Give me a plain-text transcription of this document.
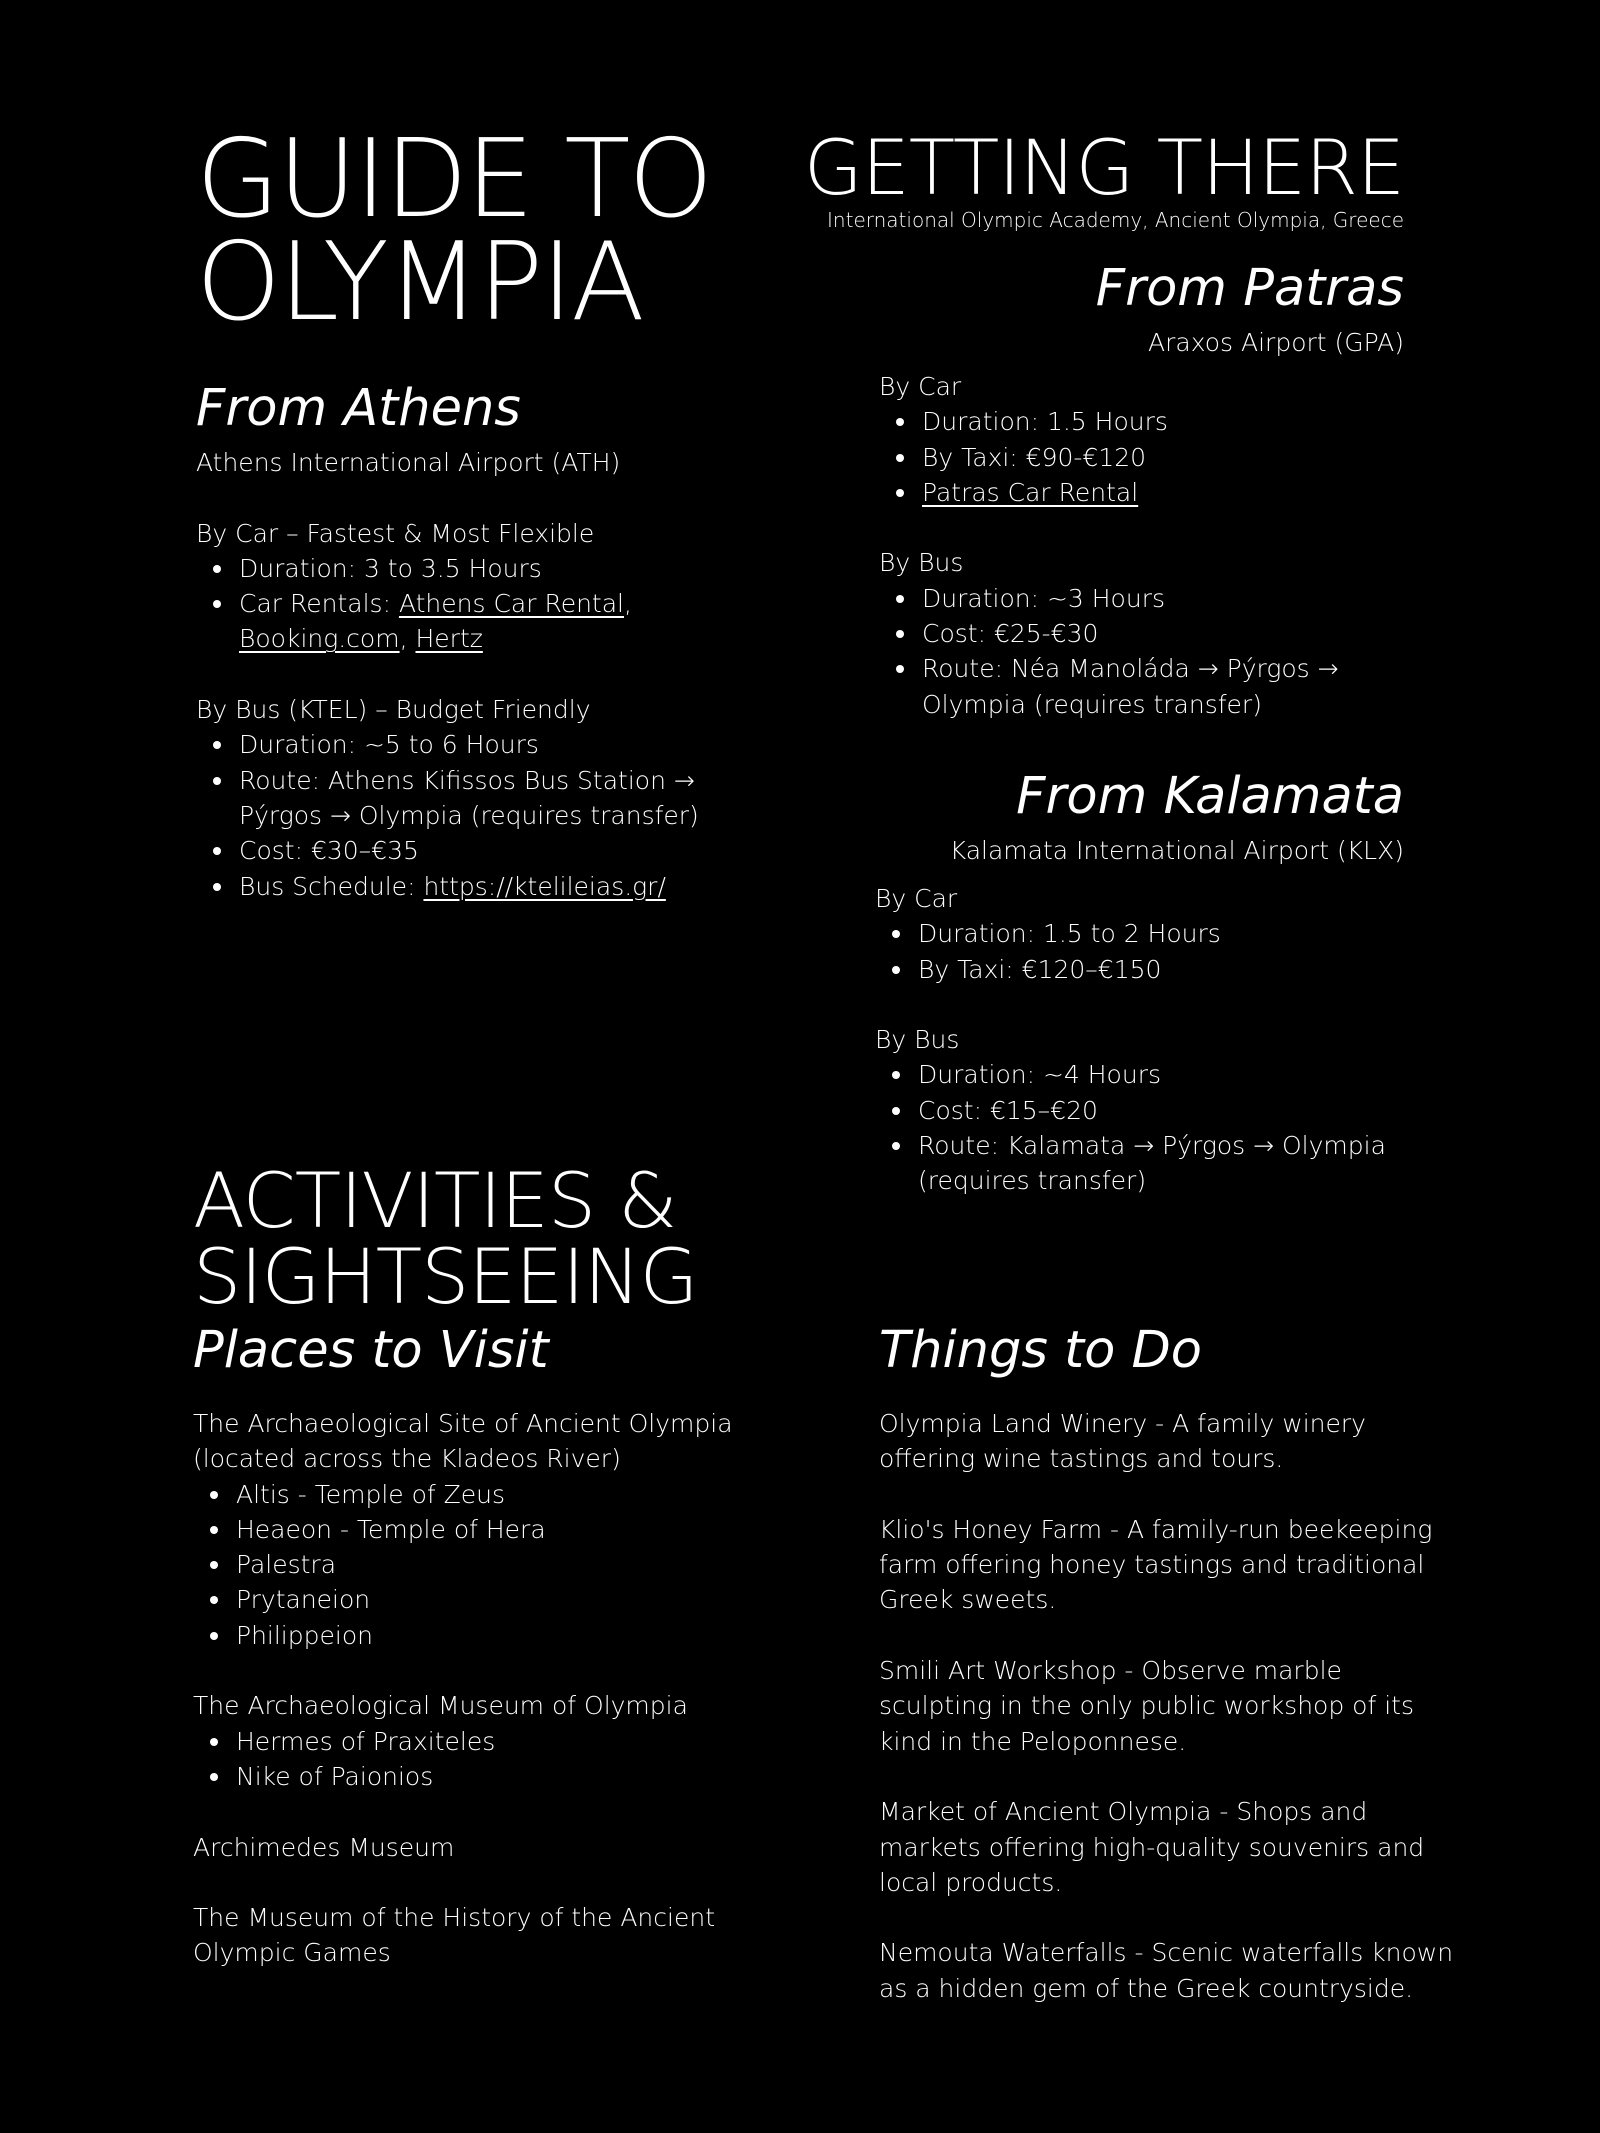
GUIDE TO
OLYMPIA
From Athens
Athens International Airport (ATH)

By Car – Fastest & Most Flexible

Duration: 3 to 3.5 Hours
Car Rentals: Athens Car Rental,
Booking.com, Hertz

By Bus (KTEL) – Budget Friendly

Duration: ~5 to 6 Hours
Route: Athens Kifissos Bus Station →
Pýrgos → Olympia (requires transfer)
Cost: €30–€35
Bus Schedule: https://ktelileias.gr/
GETTING THERE
International Olympic Academy, Ancient Olympia, Greece
From Patras
Araxos Airport (GPA)

By Car

Duration: 1.5 Hours
By Taxi: €90-€120
Patras Car Rental

By Bus

Duration: ~3 Hours
Cost: €25-€30
Route: Néa Manoláda → Pýrgos →
Olympia (requires transfer)
From Kalamata
Kalamata International Airport (KLX)

By Car

Duration: 1.5 to 2 Hours
By Taxi: €120–€150

By Bus

Duration: ~4 Hours
Cost: €15–€20
Route: Kalamata → Pýrgos → Olympia
(requires transfer)
ACTIVITIES &
SIGHTSEEING
Places to Visit

The Archaeological Site of Ancient Olympia

(located across the Kladeos River)

Altis - Temple of Zeus
Heaeon - Temple of Hera
Palestra
Prytaneion
Philippeion

The Archaeological Museum of Olympia

Hermes of Praxiteles
Nike of Paionios

Archimedes Museum

The Museum of the History of the Ancient

Olympic Games

Things to Do

Olympia Land Winery - A family winery

offering wine tastings and tours.

Klio's Honey Farm - A family-run beekeeping

farm offering honey tastings and traditional

Greek sweets.

Smili Art Workshop - Observe marble

sculpting in the only public workshop of its

kind in the Peloponnese.

Market of Ancient Olympia - Shops and

markets offering high-quality souvenirs and

local products.

Nemouta Waterfalls - Scenic waterfalls known

as a hidden gem of the Greek countryside.
